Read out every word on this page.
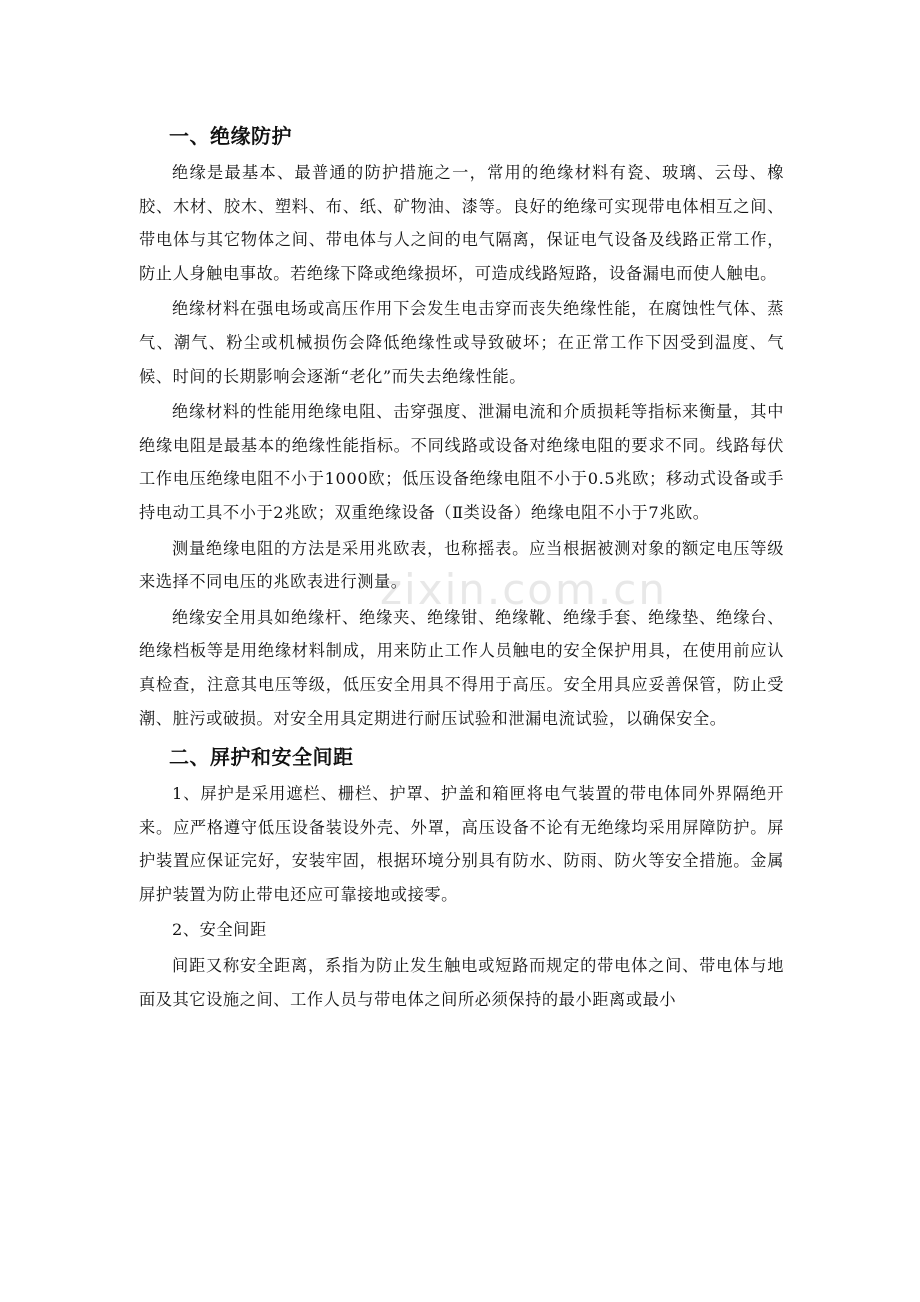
zixin.com.cn
一、绝缘防护

绝缘是最基本、最普通的防护措施之一，常用的绝缘材料有瓷、玻璃、云母、橡胶、木材、胶木、塑料、布、纸、矿物油、漆等。良好的绝缘可实现带电体相互之间、带电体与其它物体之间、带电体与人之间的电气隔离，保证电气设备及线路正常工作，防止人身触电事故。若绝缘下降或绝缘损坏，可造成线路短路，设备漏电而使人触电。

绝缘材料在强电场或高压作用下会发生电击穿而丧失绝缘性能，在腐蚀性气体、蒸气、潮气、粉尘或机械损伤会降低绝缘性或导致破坏；在正常工作下因受到温度、气候、时间的长期影响会逐渐“老化”而失去绝缘性能。

绝缘材料的性能用绝缘电阻、击穿强度、泄漏电流和介质损耗等指标来衡量，其中绝缘电阻是最基本的绝缘性能指标。不同线路或设备对绝缘电阻的要求不同。线路每伏工作电压绝缘电阻不小于1000欧；低压设备绝缘电阻不小于0.5兆欧；移动式设备或手持电动工具不小于2兆欧；双重绝缘设备（Ⅱ类设备）绝缘电阻不小于7兆欧。

测量绝缘电阻的方法是采用兆欧表，也称摇表。应当根据被测对象的额定电压等级来选择不同电压的兆欧表进行测量。

绝缘安全用具如绝缘杆、绝缘夹、绝缘钳、绝缘靴、绝缘手套、绝缘垫、绝缘台、绝缘档板等是用绝缘材料制成，用来防止工作人员触电的安全保护用具，在使用前应认真检查，注意其电压等级，低压安全用具不得用于高压。安全用具应妥善保管，防止受潮、脏污或破损。对安全用具定期进行耐压试验和泄漏电流试验，以确保安全。

二、屏护和安全间距

1、屏护是采用遮栏、栅栏、护罩、护盖和箱匣将电气装置的带电体同外界隔绝开来。应严格遵守低压设备装设外壳、外罩，高压设备不论有无绝缘均采用屏障防护。屏护装置应保证完好，安装牢固，根据环境分别具有防水、防雨、防火等安全措施。金属屏护装置为防止带电还应可靠接地或接零。

2、安全间距

间距又称安全距离，系指为防止发生触电或短路而规定的带电体之间、带电体与地面及其它设施之间、工作人员与带电体之间所必须保持的最小距离或最小
